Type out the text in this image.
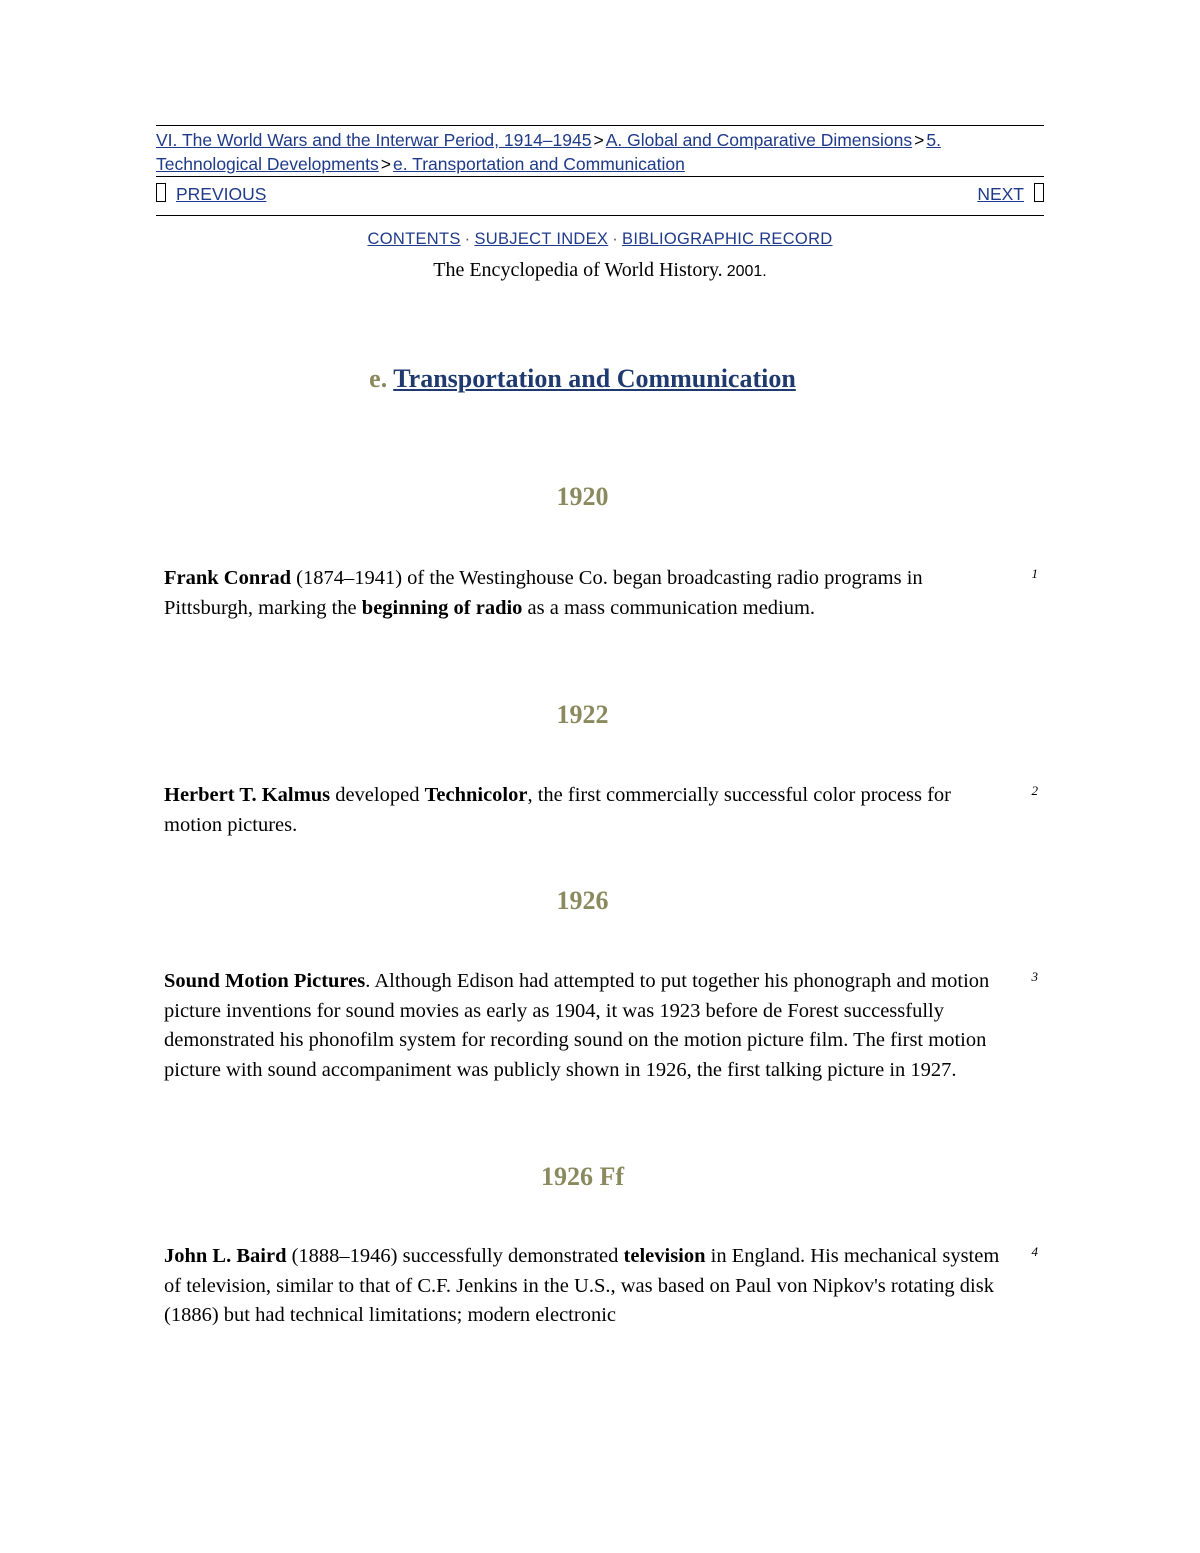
VI. The World Wars and the Interwar Period, 1914–1945 > A. Global and Comparative Dimensions > 5. Technological Developments > e. Transportation and Communication
PREVIOUS	NEXT
CONTENTS · SUBJECT INDEX · BIBLIOGRAPHIC RECORD
The Encyclopedia of World History. 2001.
e. Transportation and Communication
1920
Frank Conrad (1874–1941) of the Westinghouse Co. began broadcasting radio programs in Pittsburgh, marking the beginning of radio as a mass communication medium.
1
1922
Herbert T. Kalmus developed Technicolor, the first commercially successful color process for motion pictures.
2
1926
Sound Motion Pictures. Although Edison had attempted to put together his phonograph and motion picture inventions for sound movies as early as 1904, it was 1923 before de Forest successfully demonstrated his phonofilm system for recording sound on the motion picture film. The first motion picture with sound accompaniment was publicly shown in 1926, the first talking picture in 1927.
3
1926 Ff
John L. Baird (1888–1946) successfully demonstrated television in England. His mechanical system of television, similar to that of C.F. Jenkins in the U.S., was based on Paul von Nipkov's rotating disk (1886) but had technical limitations; modern electronic
4
